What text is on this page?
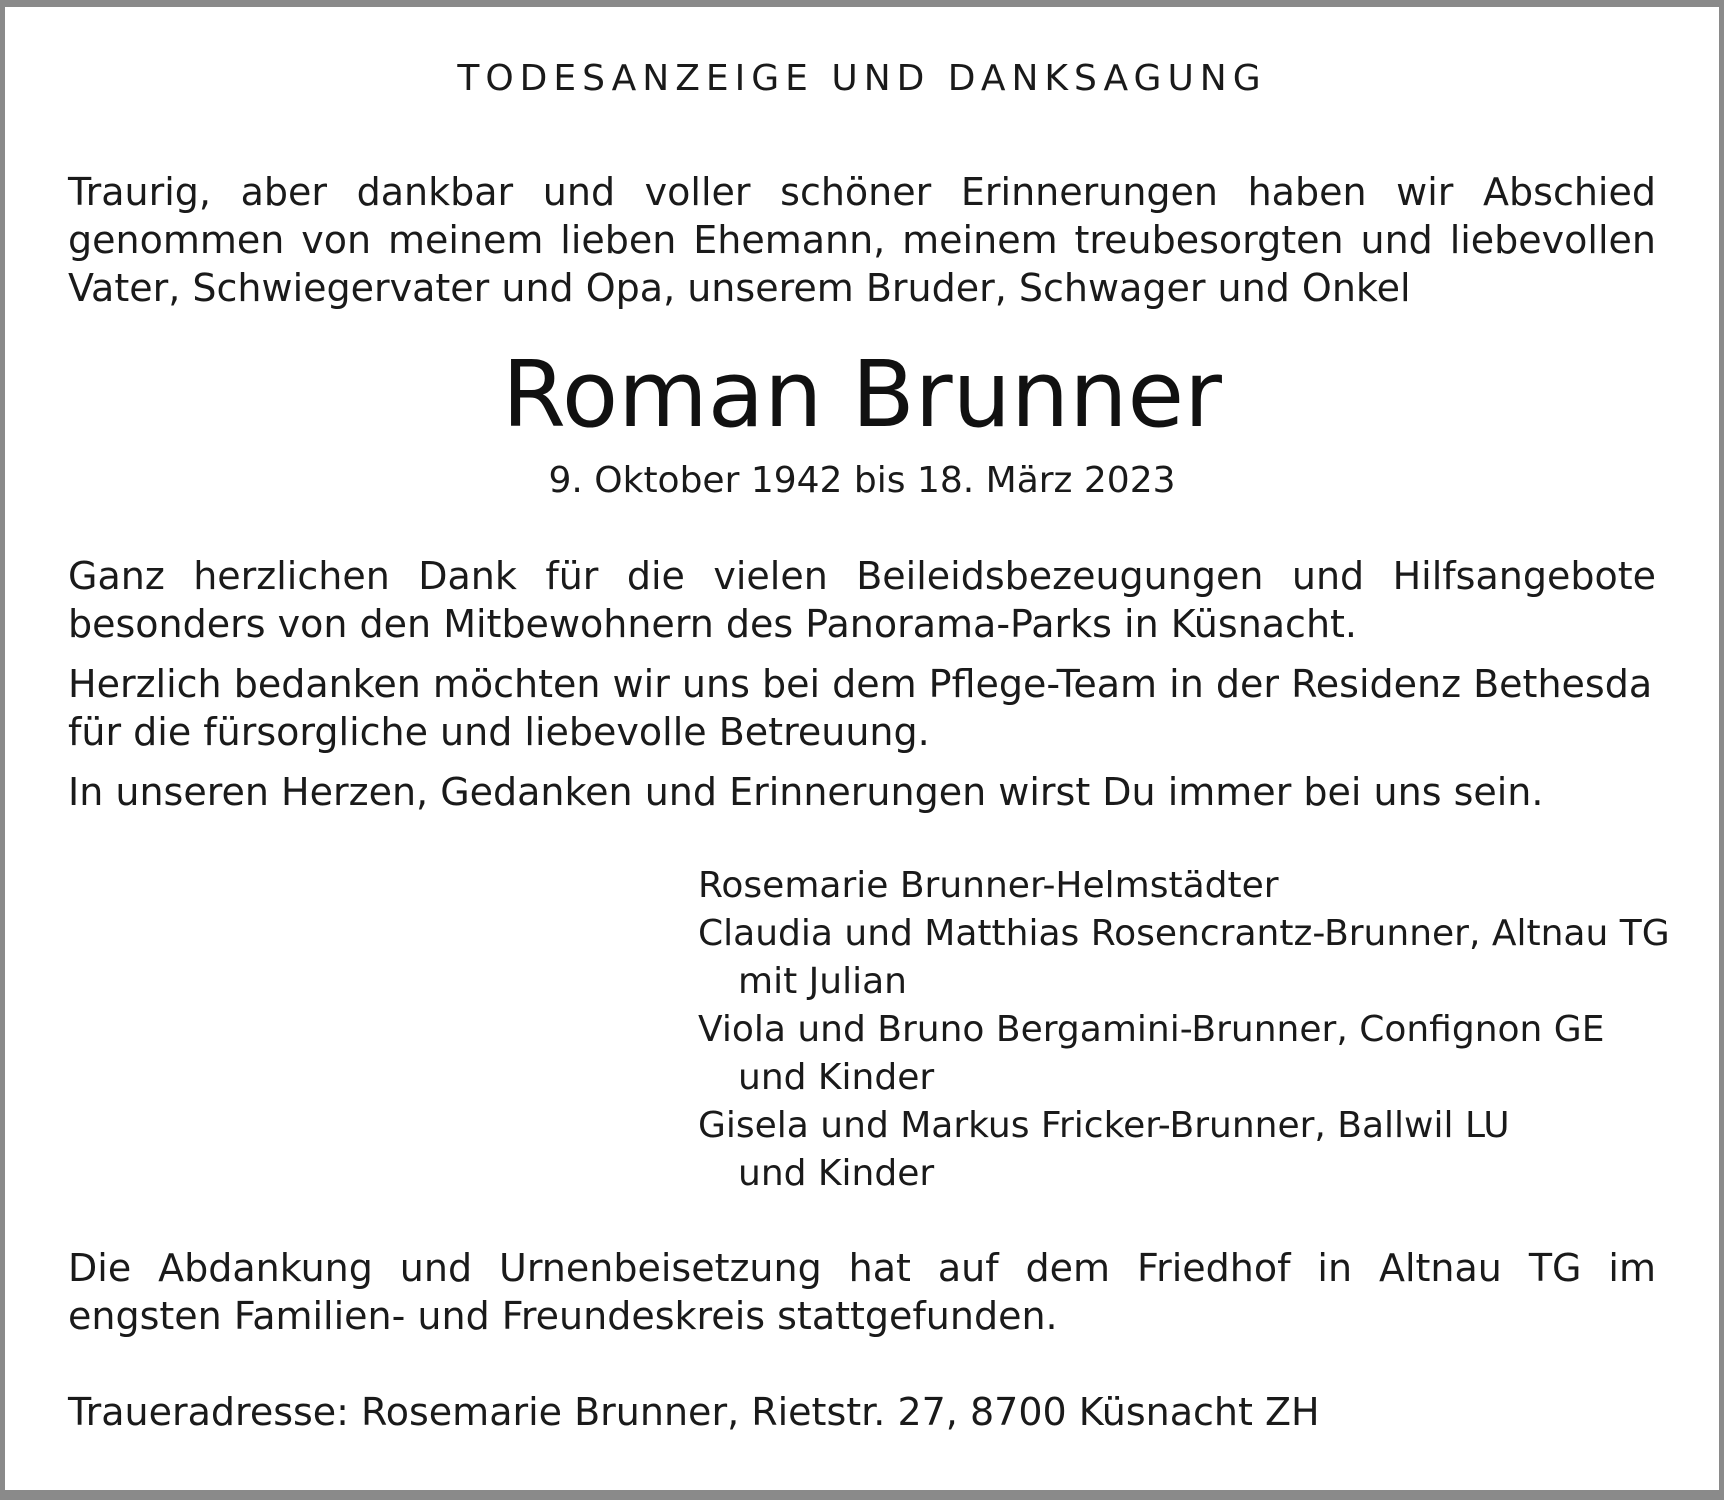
TODESANZEIGE UND DANKSAGUNG

Traurig, aber dankbar und voller schöner Erinnerungen haben wir Abschied genommen von meinem lieben Ehemann, meinem treubesorgten und liebevollen Vater, Schwiegervater und Opa, unserem Bruder, Schwager und Onkel

Roman Brunner

9. Oktober 1942 bis 18. März 2023

Ganz herzlichen Dank für die vielen Beileidsbezeugungen und Hilfsangebote besonders von den Mitbewohnern des Panorama-Parks in Küsnacht.

Herzlich bedanken möchten wir uns bei dem Pflege-Team in der Residenz Bethesda für die fürsorgliche und liebevolle Betreuung.

In unseren Herzen, Gedanken und Erinnerungen wirst Du immer bei uns sein.

Rosemarie Brunner-Helmstädter
Claudia und Matthias Rosencrantz-Brunner, Altnau TG
mit Julian
Viola und Bruno Bergamini-Brunner, Confignon GE
und Kinder
Gisela und Markus Fricker-Brunner, Ballwil LU
und Kinder

Die Abdankung und Urnenbeisetzung hat auf dem Friedhof in Altnau TG im engsten Familien- und Freundeskreis stattgefunden.

Traueradresse: Rosemarie Brunner, Rietstr. 27, 8700 Küsnacht ZH
